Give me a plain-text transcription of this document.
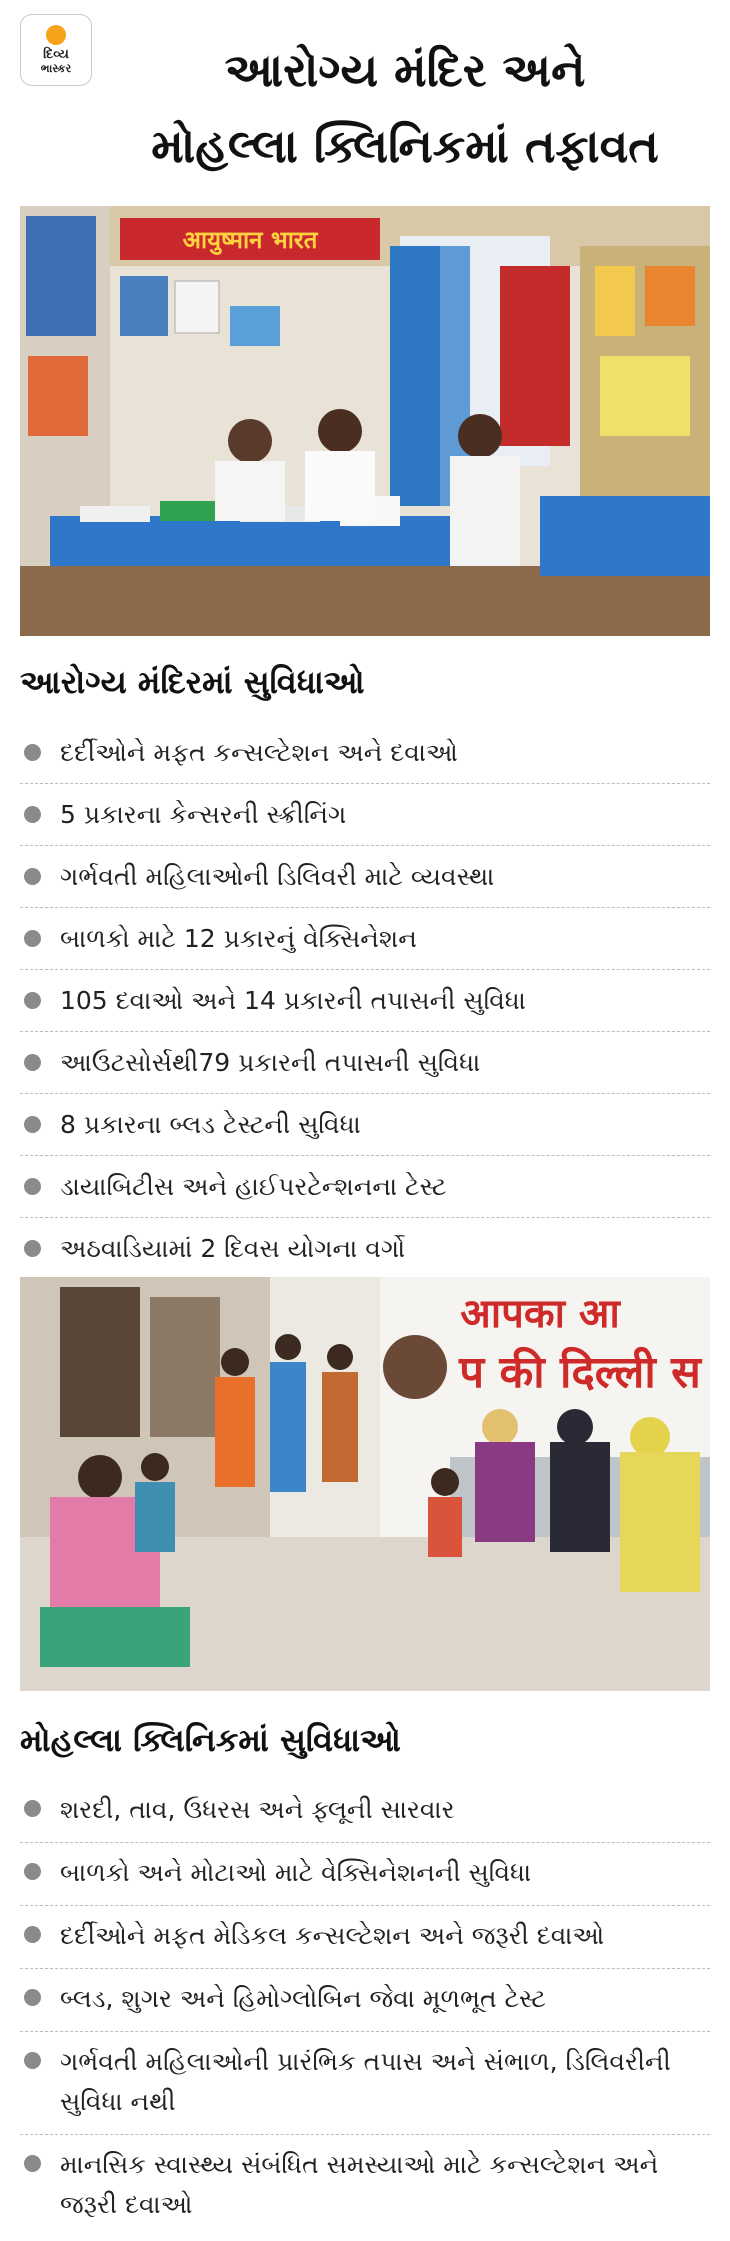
દિવ્ય
ભાસ્કર	આરોગ્ય મંદિર અને
મોહલ્લા ક્લિનિકમાં તફાવત
आयुष्मान भारत
આરોગ્ય મંદિરમાં સુવિધાઓ
દર્દીઓને મફત કન્સલ્ટેશન અને દવાઓ
5 પ્રકારના કેન્સરની સ્ક્રીનિંગ
ગર્ભવતી મહિલાઓની ડિલિવરી માટે વ્યવસ્થા
બાળકો માટે 12 પ્રકારનું વેક્સિનેશન
105 દવાઓ અને 14 પ્રકારની તપાસની સુવિધા
આઉટસોર્સથી79 પ્રકારની તપાસની સુવિધા
8 પ્રકારના બ્લડ ટેસ્ટની સુવિધા
ડાયાબિટીસ અને હાઈપરટેન્શનના ટેસ્ટ
અઠવાડિયામાં 2 દિવસ યોગના વર્ગો
आपका आ
प की दिल्ली स
મોહલ્લા ક્લિનિકમાં સુવિધાઓ
શરદી, તાવ, ઉધરસ અને ફ્લૂની સારવાર
બાળકો અને મોટાઓ માટે વેક્સિનેશનની સુવિધા
દર્દીઓને મફત મેડિકલ કન્સલ્ટેશન અને જરૂરી દવાઓ
બ્લડ, શુગર અને હિમોગ્લોબિન જેવા મૂળભૂત ટેસ્ટ
ગર્ભવતી મહિલાઓની પ્રારંભિક તપાસ અને સંભાળ, ડિલિવરીની સુવિધા નથી
માનસિક સ્વાસ્થ્ય સંબંધિત સમસ્યાઓ માટે કન્સલ્ટેશન અને જરૂરી દવાઓ
